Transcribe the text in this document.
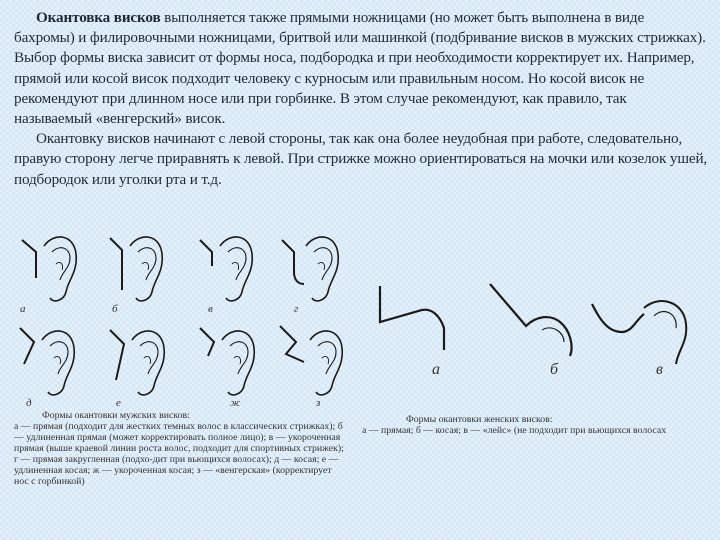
Окантовка висков выполняется также прямыми ножницами (но может быть выполнена в виде бахромы) и филировочными ножницами, бритвой или машинкой (подбривание висков в мужских стрижках). Выбор формы виска зависит от формы носа, подбородка и при необходимости корректирует их. Например, прямой или косой висок подходит человеку с курносым или правильным носом. Но косой висок не рекомендуют при длинном носе или при горбинке. В этом случае рекомендуют, как правило, так называемый «венгерский» висок.

Окантовку висков начинают с левой стороны, так как она более неудобная при работе, следовательно, правую сторону легче приравнять к левой. При стрижке можно ориентироваться на мочки или козелок ушей, подбородок или уголки рта и т.д.

а	б	в	г
д	е	ж	з
а	б	в
Формы окантовки мужских висков:
а — прямая (подходит для жестких темных волос в классических стрижках); б — удлиненная прямая (может корректировать полное лицо); в — укороченная прямая (выше краевой линии роста волос, подходит для спортивных стрижек); г — прямая закругленная (подхо-дит при вьющихся волосах); д — косая; е — удлиненная косая; ж — укороченная косая; з — «венгерская» (корректирует нос с горбинкой)
Формы окантовки женских висков:
а — прямая; б — косая; в — «лейс» (не подходит при вьющихся волосах
